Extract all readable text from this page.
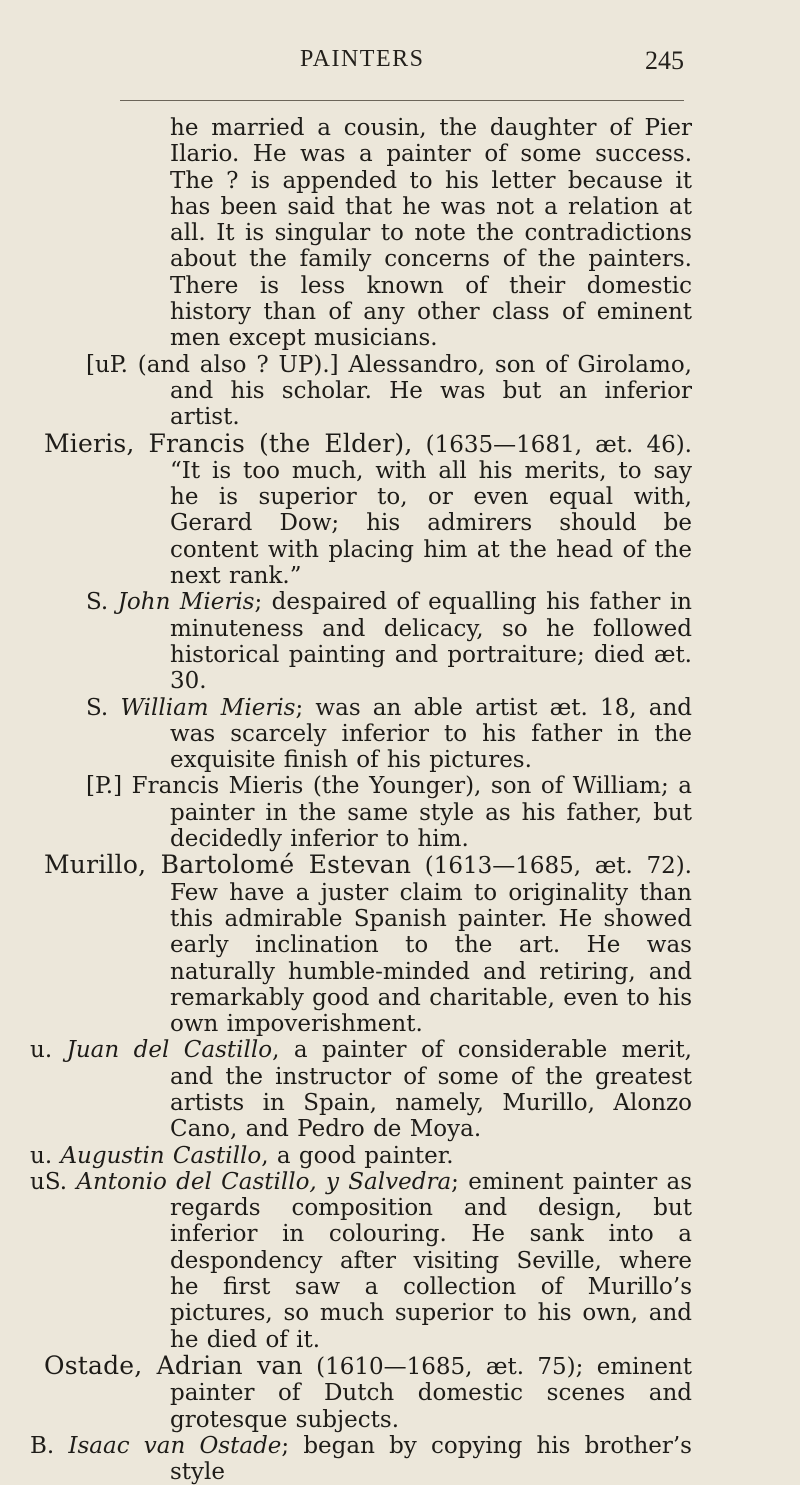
PAINTERS	245

he married a cousin, the daughter of Pier Ilario. He was a painter of some success. The ? is appended to his letter because it has been said that he was not a relation at all. It is singular to note the contradictions about the family concerns of the painters. There is less known of their domestic history than of any other class of eminent men except musicians.

[uP. (and also ? UP).] Alessandro, son of Girolamo, and his scholar. He was but an inferior artist.

Mieris, Francis (the Elder), (1635—1681, æt. 46). “It is too much, with all his merits, to say he is superior to, or even equal with, Gerard Dow; his admirers should be content with placing him at the head of the next rank.”

S. John Mieris; despaired of equalling his father in minuteness and delicacy, so he followed historical painting and portraiture; died æt. 30.

S. William Mieris; was an able artist æt. 18, and was scarcely inferior to his father in the exquisite finish of his pictures.

[P.] Francis Mieris (the Younger), son of William; a painter in the same style as his father, but decidedly inferior to him.

Murillo, Bartolomé Estevan (1613—1685, æt. 72). Few have a juster claim to originality than this admirable Spanish painter. He showed early inclination to the art. He was naturally humble-minded and retiring, and remarkably good and charitable, even to his own impoverishment.

u. Juan del Castillo, a painter of considerable merit, and the instructor of some of the greatest artists in Spain, namely, Murillo, Alonzo Cano, and Pedro de Moya.

u. Augustin Castillo, a good painter.

uS. Antonio del Castillo, y Salvedra; eminent painter as regards composition and design, but inferior in colouring. He sank into a despondency after visiting Seville, where he first saw a collection of Murillo’s pictures, so much superior to his own, and he died of it.

Ostade, Adrian van (1610—1685, æt. 75); eminent painter of Dutch domestic scenes and grotesque subjects.

B. Isaac van Ostade; began by copying his brother’s style
